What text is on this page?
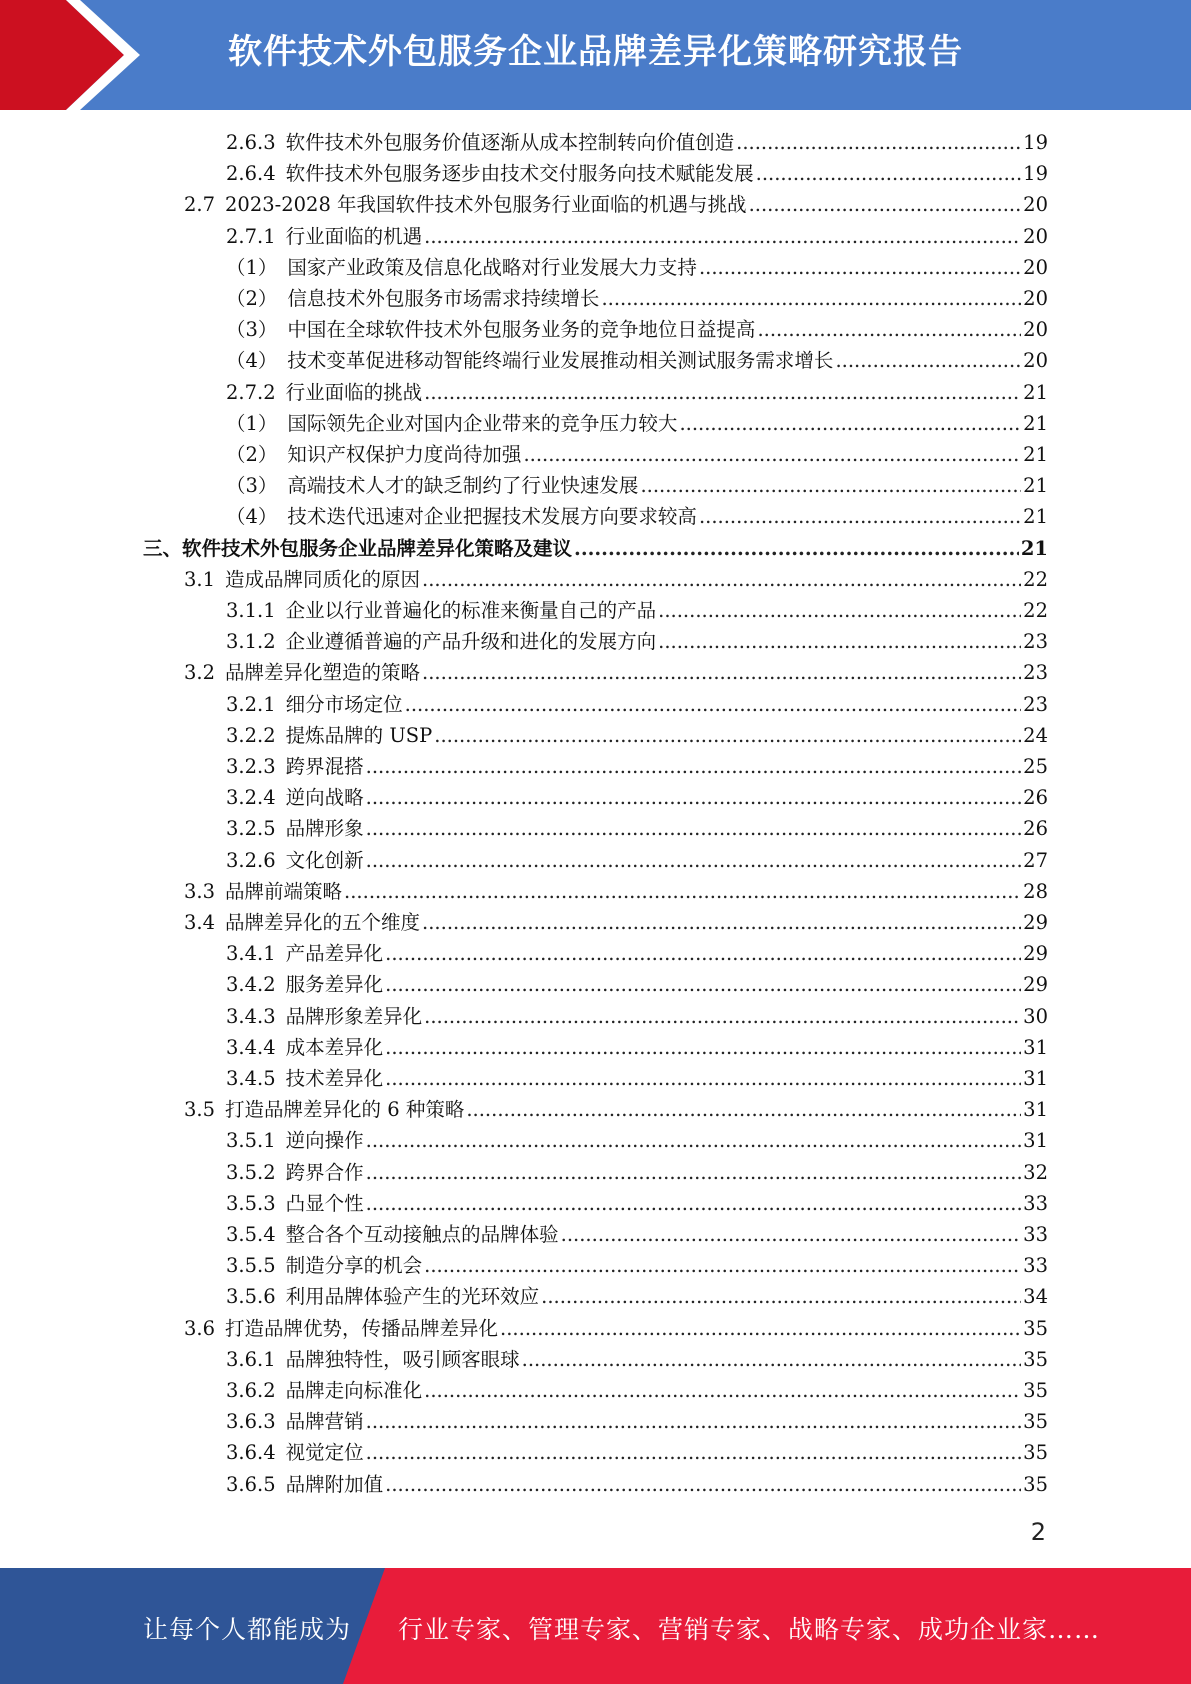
软件技术外包服务企业品牌差异化策略研究报告
2.6.3 软件技术外包服务价值逐渐从成本控制转向价值创造 .....	19
2.6.4 软件技术外包服务逐步由技术交付服务向技术赋能发展 .....	19
2.7 2023-2028 年我国软件技术外包服务行业面临的机遇与挑战 .....	20
2.7.1 行业面临的机遇 .....	20
（1） 国家产业政策及信息化战略对行业发展大力支持 .....	20
（2） 信息技术外包服务市场需求持续增长 .....	20
（3） 中国在全球软件技术外包服务业务的竞争地位日益提高 .....	20
（4） 技术变革促进移动智能终端行业发展推动相关测试服务需求增长 .....	20
2.7.2 行业面临的挑战 .....	21
（1） 国际领先企业对国内企业带来的竞争压力较大 .....	21
（2） 知识产权保护力度尚待加强 .....	21
（3） 高端技术人才的缺乏制约了行业快速发展 .....	21
（4） 技术迭代迅速对企业把握技术发展方向要求较高 .....	21
三、 软件技术外包服务企业品牌差异化策略及建议 .....	21
3.1 造成品牌同质化的原因 .....	22
3.1.1 企业以行业普遍化的标准来衡量自己的产品 .....	22
3.1.2 企业遵循普遍的产品升级和进化的发展方向 .....	23
3.2 品牌差异化塑造的策略 .....	23
3.2.1 细分市场定位 .....	23
3.2.2 提炼品牌的 USP .....	24
3.2.3 跨界混搭 .....	25
3.2.4 逆向战略 .....	26
3.2.5 品牌形象 .....	26
3.2.6 文化创新 .....	27
3.3 品牌前端策略 .....	28
3.4 品牌差异化的五个维度 .....	29
3.4.1 产品差异化 .....	29
3.4.2 服务差异化 .....	29
3.4.3 品牌形象差异化 .....	30
3.4.4 成本差异化 .....	31
3.4.5 技术差异化 .....	31
3.5 打造品牌差异化的 6 种策略 .....	31
3.5.1 逆向操作 .....	31
3.5.2 跨界合作 .....	32
3.5.3 凸显个性 .....	33
3.5.4 整合各个互动接触点的品牌体验 .....	33
3.5.5 制造分享的机会 .....	33
3.5.6 利用品牌体验产生的光环效应 .....	34
3.6 打造品牌优势，传播品牌差异化 .....	35
3.6.1 品牌独特性，吸引顾客眼球 .....	35
3.6.2 品牌走向标准化 .....	35
3.6.3 品牌营销 .....	35
3.6.4 视觉定位 .....	35
3.6.5 品牌附加值 .....	35
2
让每个人都能成为 行业专家、管理专家、营销专家、战略专家、成功企业家……
